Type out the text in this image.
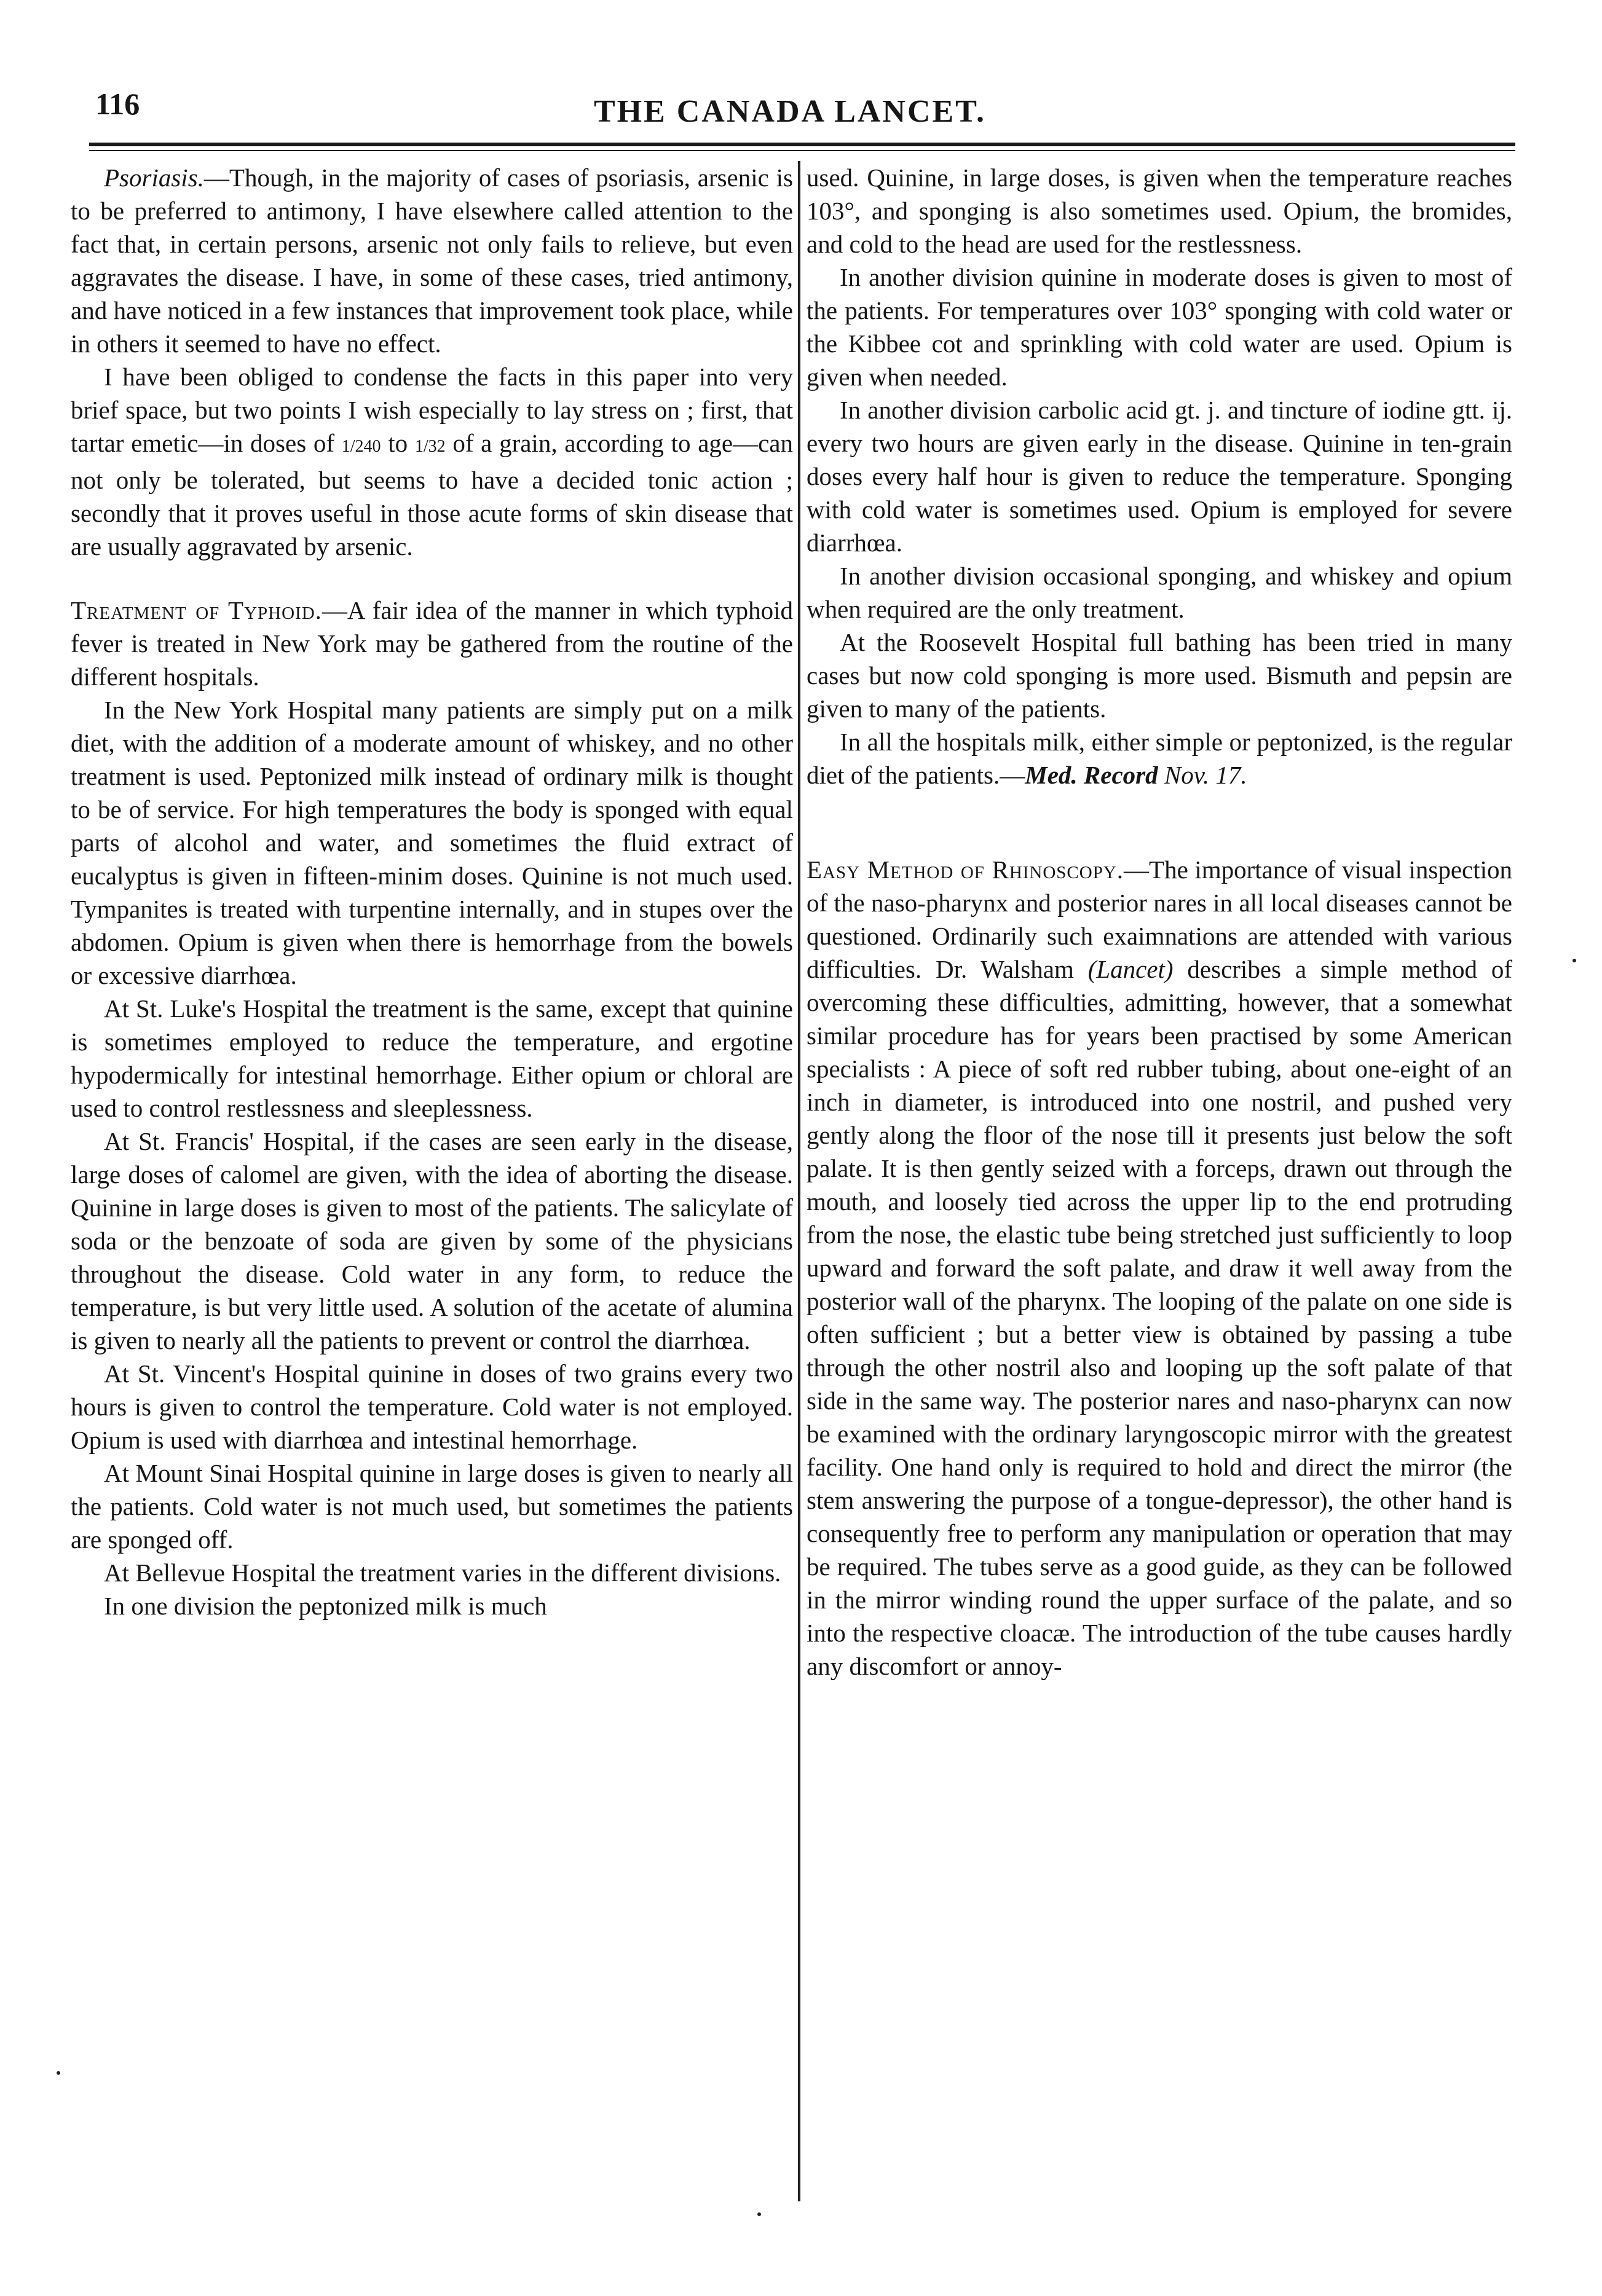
116	THE CANADA LANCET.

Psoriasis.—Though, in the majority of cases of psoriasis, arsenic is to be preferred to antimony, I have elsewhere called attention to the fact that, in certain persons, arsenic not only fails to relieve, but even aggravates the disease. I have, in some of these cases, tried antimony, and have noticed in a few instances that improvement took place, while in others it seemed to have no effect.

I have been obliged to condense the facts in this paper into very brief space, but two points I wish especially to lay stress on ; first, that tartar emetic—in doses of 1/240 to 1/32 of a grain, according to age—can not only be tolerated, but seems to have a decided tonic action ; secondly that it proves useful in those acute forms of skin disease that are usually aggravated by arsenic.

Treatment of Typhoid.—A fair idea of the manner in which typhoid fever is treated in New York may be gathered from the routine of the different hospitals.

In the New York Hospital many patients are simply put on a milk diet, with the addition of a moderate amount of whiskey, and no other treatment is used. Peptonized milk instead of ordinary milk is thought to be of service. For high temperatures the body is sponged with equal parts of alcohol and water, and sometimes the fluid extract of eucalyptus is given in fifteen-minim doses. Quinine is not much used. Tympanites is treated with turpentine internally, and in stupes over the abdomen. Opium is given when there is hemorrhage from the bowels or excessive diarrhœa.

At St. Luke's Hospital the treatment is the same, except that quinine is sometimes employed to reduce the temperature, and ergotine hypodermically for intestinal hemorrhage. Either opium or chloral are used to control restlessness and sleeplessness.

At St. Francis' Hospital, if the cases are seen early in the disease, large doses of calomel are given, with the idea of aborting the disease. Quinine in large doses is given to most of the patients. The salicylate of soda or the benzoate of soda are given by some of the physicians throughout the disease. Cold water in any form, to reduce the temperature, is but very little used. A solution of the acetate of alumina is given to nearly all the patients to prevent or control the diarrhœa.

At St. Vincent's Hospital quinine in doses of two grains every two hours is given to control the temperature. Cold water is not employed. Opium is used with diarrhœa and intestinal hemorrhage.

At Mount Sinai Hospital quinine in large doses is given to nearly all the patients. Cold water is not much used, but sometimes the patients are sponged off.

At Bellevue Hospital the treatment varies in the different divisions.

In one division the peptonized milk is much

used. Quinine, in large doses, is given when the temperature reaches 103°, and sponging is also sometimes used. Opium, the bromides, and cold to the head are used for the restlessness.

In another division quinine in moderate doses is given to most of the patients. For temperatures over 103° sponging with cold water or the Kibbee cot and sprinkling with cold water are used. Opium is given when needed.

In another division carbolic acid gt. j. and tincture of iodine gtt. ij. every two hours are given early in the disease. Quinine in ten-grain doses every half hour is given to reduce the temperature. Sponging with cold water is sometimes used. Opium is employed for severe diarrhœa.

In another division occasional sponging, and whiskey and opium when required are the only treatment.

At the Roosevelt Hospital full bathing has been tried in many cases but now cold sponging is more used. Bismuth and pepsin are given to many of the patients.

In all the hospitals milk, either simple or peptonized, is the regular diet of the patients.—Med. Record Nov. 17.

Easy Method of Rhinoscopy.—The importance of visual inspection of the naso-pharynx and posterior nares in all local diseases cannot be questioned. Ordinarily such exaimnations are attended with various difficulties. Dr. Walsham (Lancet) describes a simple method of overcoming these difficulties, admitting, however, that a somewhat similar procedure has for years been practised by some American specialists : A piece of soft red rubber tubing, about one-eight of an inch in diameter, is introduced into one nostril, and pushed very gently along the floor of the nose till it presents just below the soft palate. It is then gently seized with a forceps, drawn out through the mouth, and loosely tied across the upper lip to the end protruding from the nose, the elastic tube being stretched just sufficiently to loop upward and forward the soft palate, and draw it well away from the posterior wall of the pharynx. The looping of the palate on one side is often sufficient ; but a better view is obtained by passing a tube through the other nostril also and looping up the soft palate of that side in the same way. The posterior nares and naso-pharynx can now be examined with the ordinary laryngoscopic mirror with the greatest facility. One hand only is required to hold and direct the mirror (the stem answering the purpose of a tongue-depressor), the other hand is consequently free to perform any manipulation or operation that may be required. The tubes serve as a good guide, as they can be followed in the mirror winding round the upper surface of the palate, and so into the respective cloacæ. The introduction of the tube causes hardly any discomfort or annoy-
